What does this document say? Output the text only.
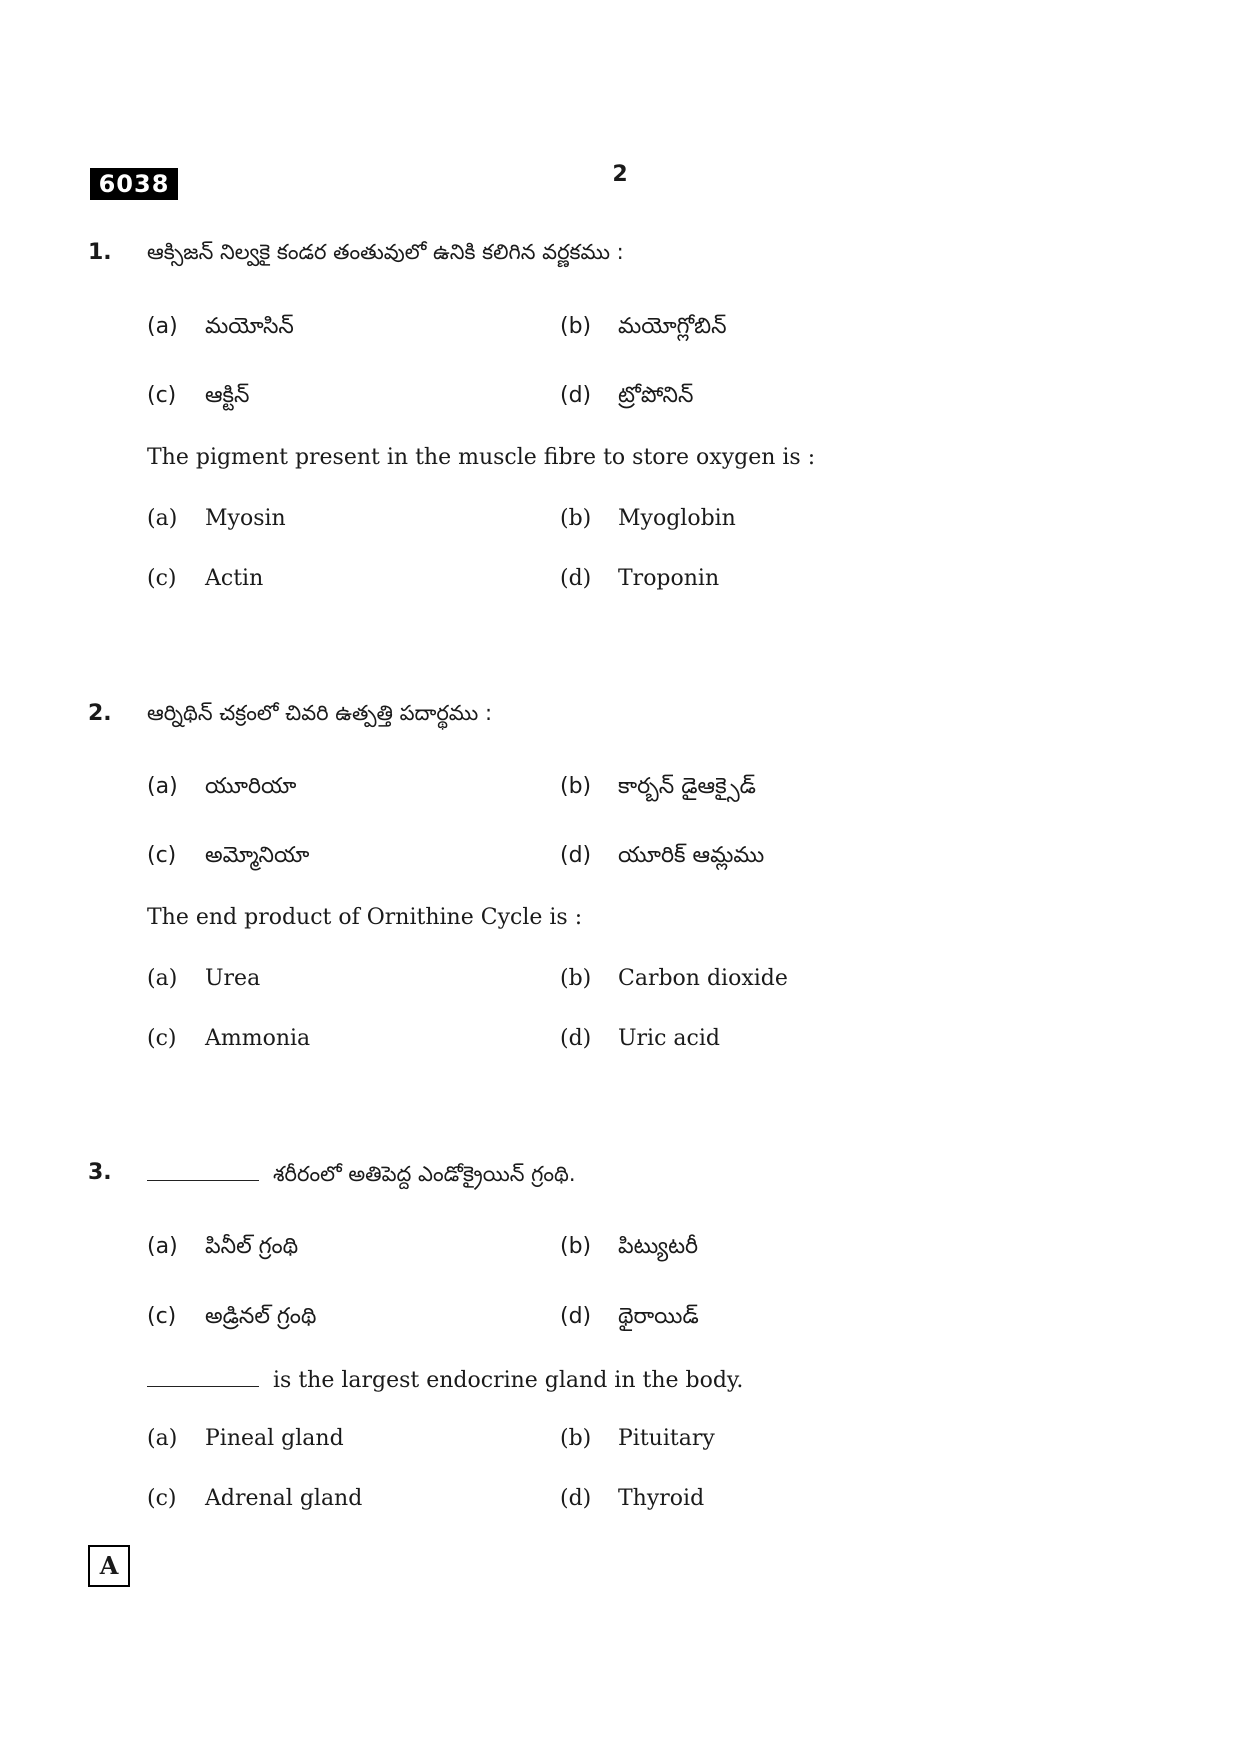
6038	2
1. ఆక్సిజన్ నిల్వకై కండర తంతువులో ఉనికి కలిగిన వర్ణకము :
(a) మయోసిన్	(b) మయోగ్లోబిన్
(c) ఆక్టిన్	(d) ట్రోపోనిన్
The pigment present in the muscle fibre to store oxygen is :
(a) Myosin	(b) Myoglobin
(c) Actin	(d) Troponin
2. ఆర్నిథిన్ చక్రంలో చివరి ఉత్పత్తి పదార్థము :
(a) యూరియా	(b) కార్బన్ డైఆక్సైడ్
(c) అమ్మోనియా	(d) యూరిక్ ఆమ్లము
The end product of Ornithine Cycle is :
(a) Urea	(b) Carbon dioxide
(c) Ammonia	(d) Uric acid
3.	శరీరంలో అతిపెద్ద ఎండోక్రైయిన్ గ్రంథి.
(a) పినీల్ గ్రంథి	(b) పిట్యుటరీ
(c) అడ్రినల్ గ్రంథి	(d) థైరాయిడ్
is the largest endocrine gland in the body.
(a) Pineal gland	(b) Pituitary
(c) Adrenal gland	(d) Thyroid
A
